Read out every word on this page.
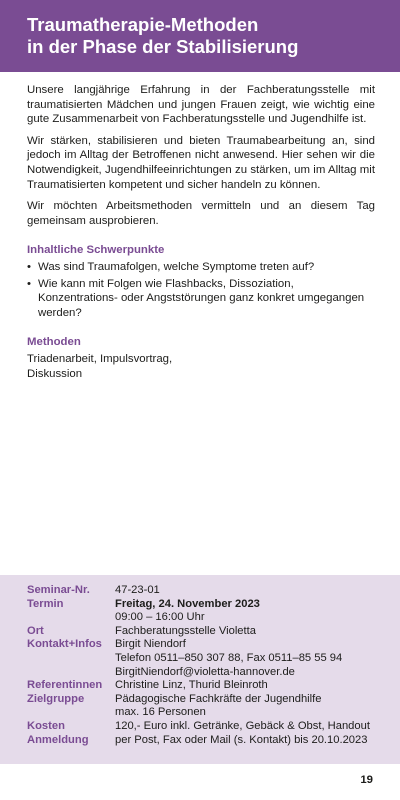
Traumatherapie-Methoden
in der Phase der Stabilisierung

Unsere langjährige Erfahrung in der Fachberatungsstelle mit traumatisierten Mädchen und jungen Frauen zeigt, wie wichtig eine gute Zusammenarbeit von Fachberatungsstelle und Jugendhilfe ist.

Wir stärken, stabilisieren und bieten Traumabearbeitung an, sind jedoch im Alltag der Betroffenen nicht anwesend. Hier sehen wir die Notwendigkeit, Jugendhilfeeinrichtungen zu stärken, um im Alltag mit Traumatisierten kompetent und sicher handeln zu können.

Wir möchten Arbeitsmethoden vermitteln und an diesem Tag gemeinsam ausprobieren.

Inhaltliche Schwerpunkte
• Was sind Traumafolgen, welche Symptome treten auf?
• Wie kann mit Folgen wie Flashbacks, Dissoziation, Konzentrations- oder Angststörungen ganz konkret umgegangen werden?
Methoden
Triadenarbeit, Impulsvortrag,
Diskussion
Seminar-Nr.	47-23-01

Termin	Freitag, 24. November 2023
09:00 – 16:00 Uhr

Ort	Fachberatungsstelle Violetta

Kontakt+Infos	Birgit Niendorf
Telefon 0511–850 307 88, Fax 0511–85 55 94
BirgitNiendorf@violetta-hannover.de

Referentinnen	Christine Linz, Thurid Bleinroth

Zielgruppe	Pädagogische Fachkräfte der Jugendhilfe
max. 16 Personen

Kosten	120,- Euro inkl. Getränke, Gebäck & Obst, Handout

Anmeldung	per Post, Fax oder Mail (s. Kontakt) bis 20.10.2023
19
